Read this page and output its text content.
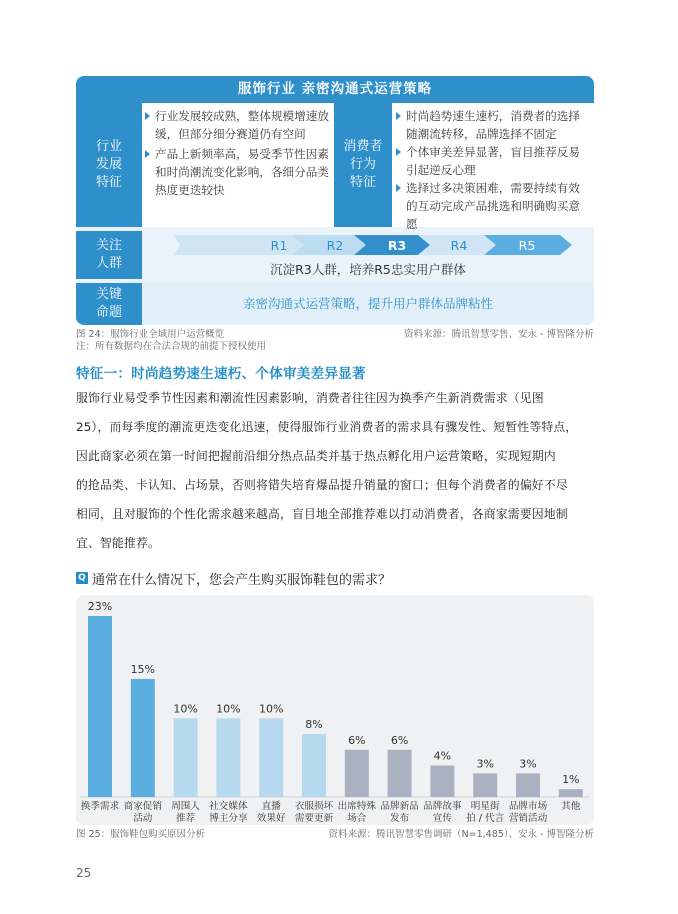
服饰行业 亲密沟通式运营策略
行业
发展
特征
行业发展较成熟，整体规模增速放缓，但部分细分赛道仍有空间
产品上新频率高，易受季节性因素和时尚潮流变化影响，各细分品类热度更迭较快
消费者
行为
特征
时尚趋势速生速朽，消费者的选择随潮流转移，品牌选择不固定
个体审美差异显著，盲目推荐反易引起逆反心理
选择过多决策困难，需要持续有效的互动完成产品挑选和明确购买意愿
关注
人群
R1	R2	R3	R4	R5
沉淀R3人群，培养R5忠实用户群体
关键
命题
亲密沟通式运营策略，提升用户群体品牌粘性
图 24：服饰行业全域用户运营概览
注：所有数据均在合法合规的前提下授权使用
资料来源：腾讯智慧零售、安永 - 博智隆分析
特征一：时尚趋势速生速朽、个体审美差异显著
服饰行业易受季节性因素和潮流性因素影响，消费者往往因为换季产生新消费需求（见图
25），而每季度的潮流更迭变化迅速，使得服饰行业消费者的需求具有骤发性、短暂性等特点，
因此商家必须在第一时间把握前沿细分热点品类并基于热点孵化用户运营策略，实现短期内
的抢品类、卡认知、占场景，否则将错失培育爆品提升销量的窗口；但每个消费者的偏好不尽
相同，且对服饰的个性化需求越来越高，盲目地全部推荐难以打动消费者，各商家需要因地制
宜、智能推荐。
Q 通常在什么情况下，您会产生购买服饰鞋包的需求？
23%
换季需求
15%
商家促销
活动
10%
周围人
推荐
10%
社交媒体
博主分享
10%
直播
效果好
8%
衣服损坏
需要更新
6%
出席特殊
场合
6%
品牌新品
发布
4%
品牌故事
宣传
3%
明星街
拍 / 代言
3%
品牌市场
营销活动
1%
其他
图 25：服饰鞋包购买原因分析	资料来源：腾讯智慧零售调研（N=1,485）、安永 - 博智隆分析
25
